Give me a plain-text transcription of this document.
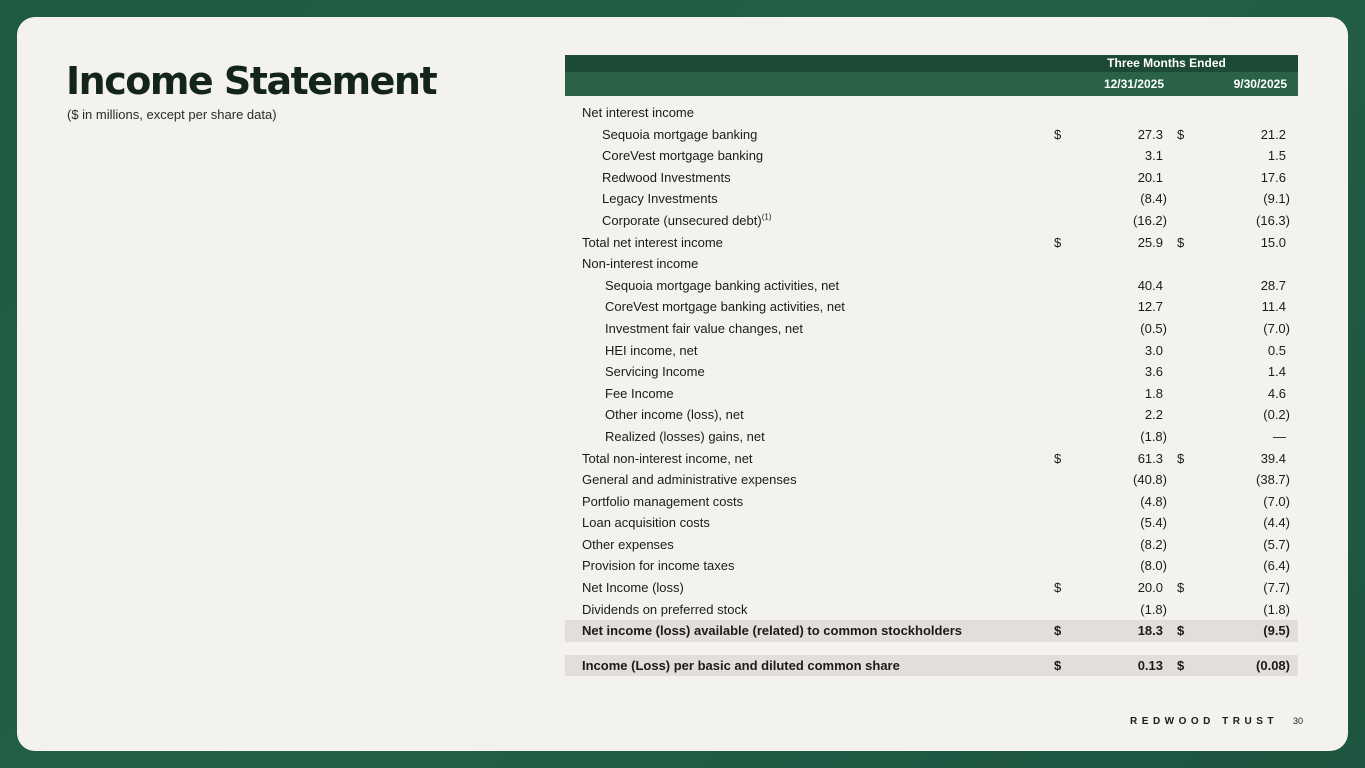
Income Statement
($ in millions, except per share data)
Three Months Ended
12/31/2025	9/30/2025
Net interest income
Sequoia mortgage banking	$	27.3	$	21.2
CoreVest mortgage banking	3.1	1.5
Redwood Investments	20.1	17.6
Legacy Investments	(8.4)	(9.1)
Corporate (unsecured debt)$^{(1)}$	(16.2)	(16.3)
Total net interest income	$	25.9	$	15.0
Non-interest income
Sequoia mortgage banking activities, net	40.4	28.7
CoreVest mortgage banking activities, net	12.7	11.4
Investment fair value changes, net	(0.5)	(7.0)
HEI income, net	3.0	0.5
Servicing Income	3.6	1.4
Fee Income	1.8	4.6
Other income (loss), net	2.2	(0.2)
Realized (losses) gains, net	(1.8)	—
Total non-interest income, net	$	61.3	$	39.4
General and administrative expenses	(40.8)	(38.7)
Portfolio management costs	(4.8)	(7.0)
Loan acquisition costs	(5.4)	(4.4)
Other expenses	(8.2)	(5.7)
Provision for income taxes	(8.0)	(6.4)
Net Income (loss)	$	20.0	$	(7.7)
Dividends on preferred stock	(1.8)	(1.8)
Net income (loss) available (related) to common stockholders	$	18.3	$	(9.5)
Income (Loss) per basic and diluted common share	$	0.13	$	(0.08)
REDWOOD TRUST 30
